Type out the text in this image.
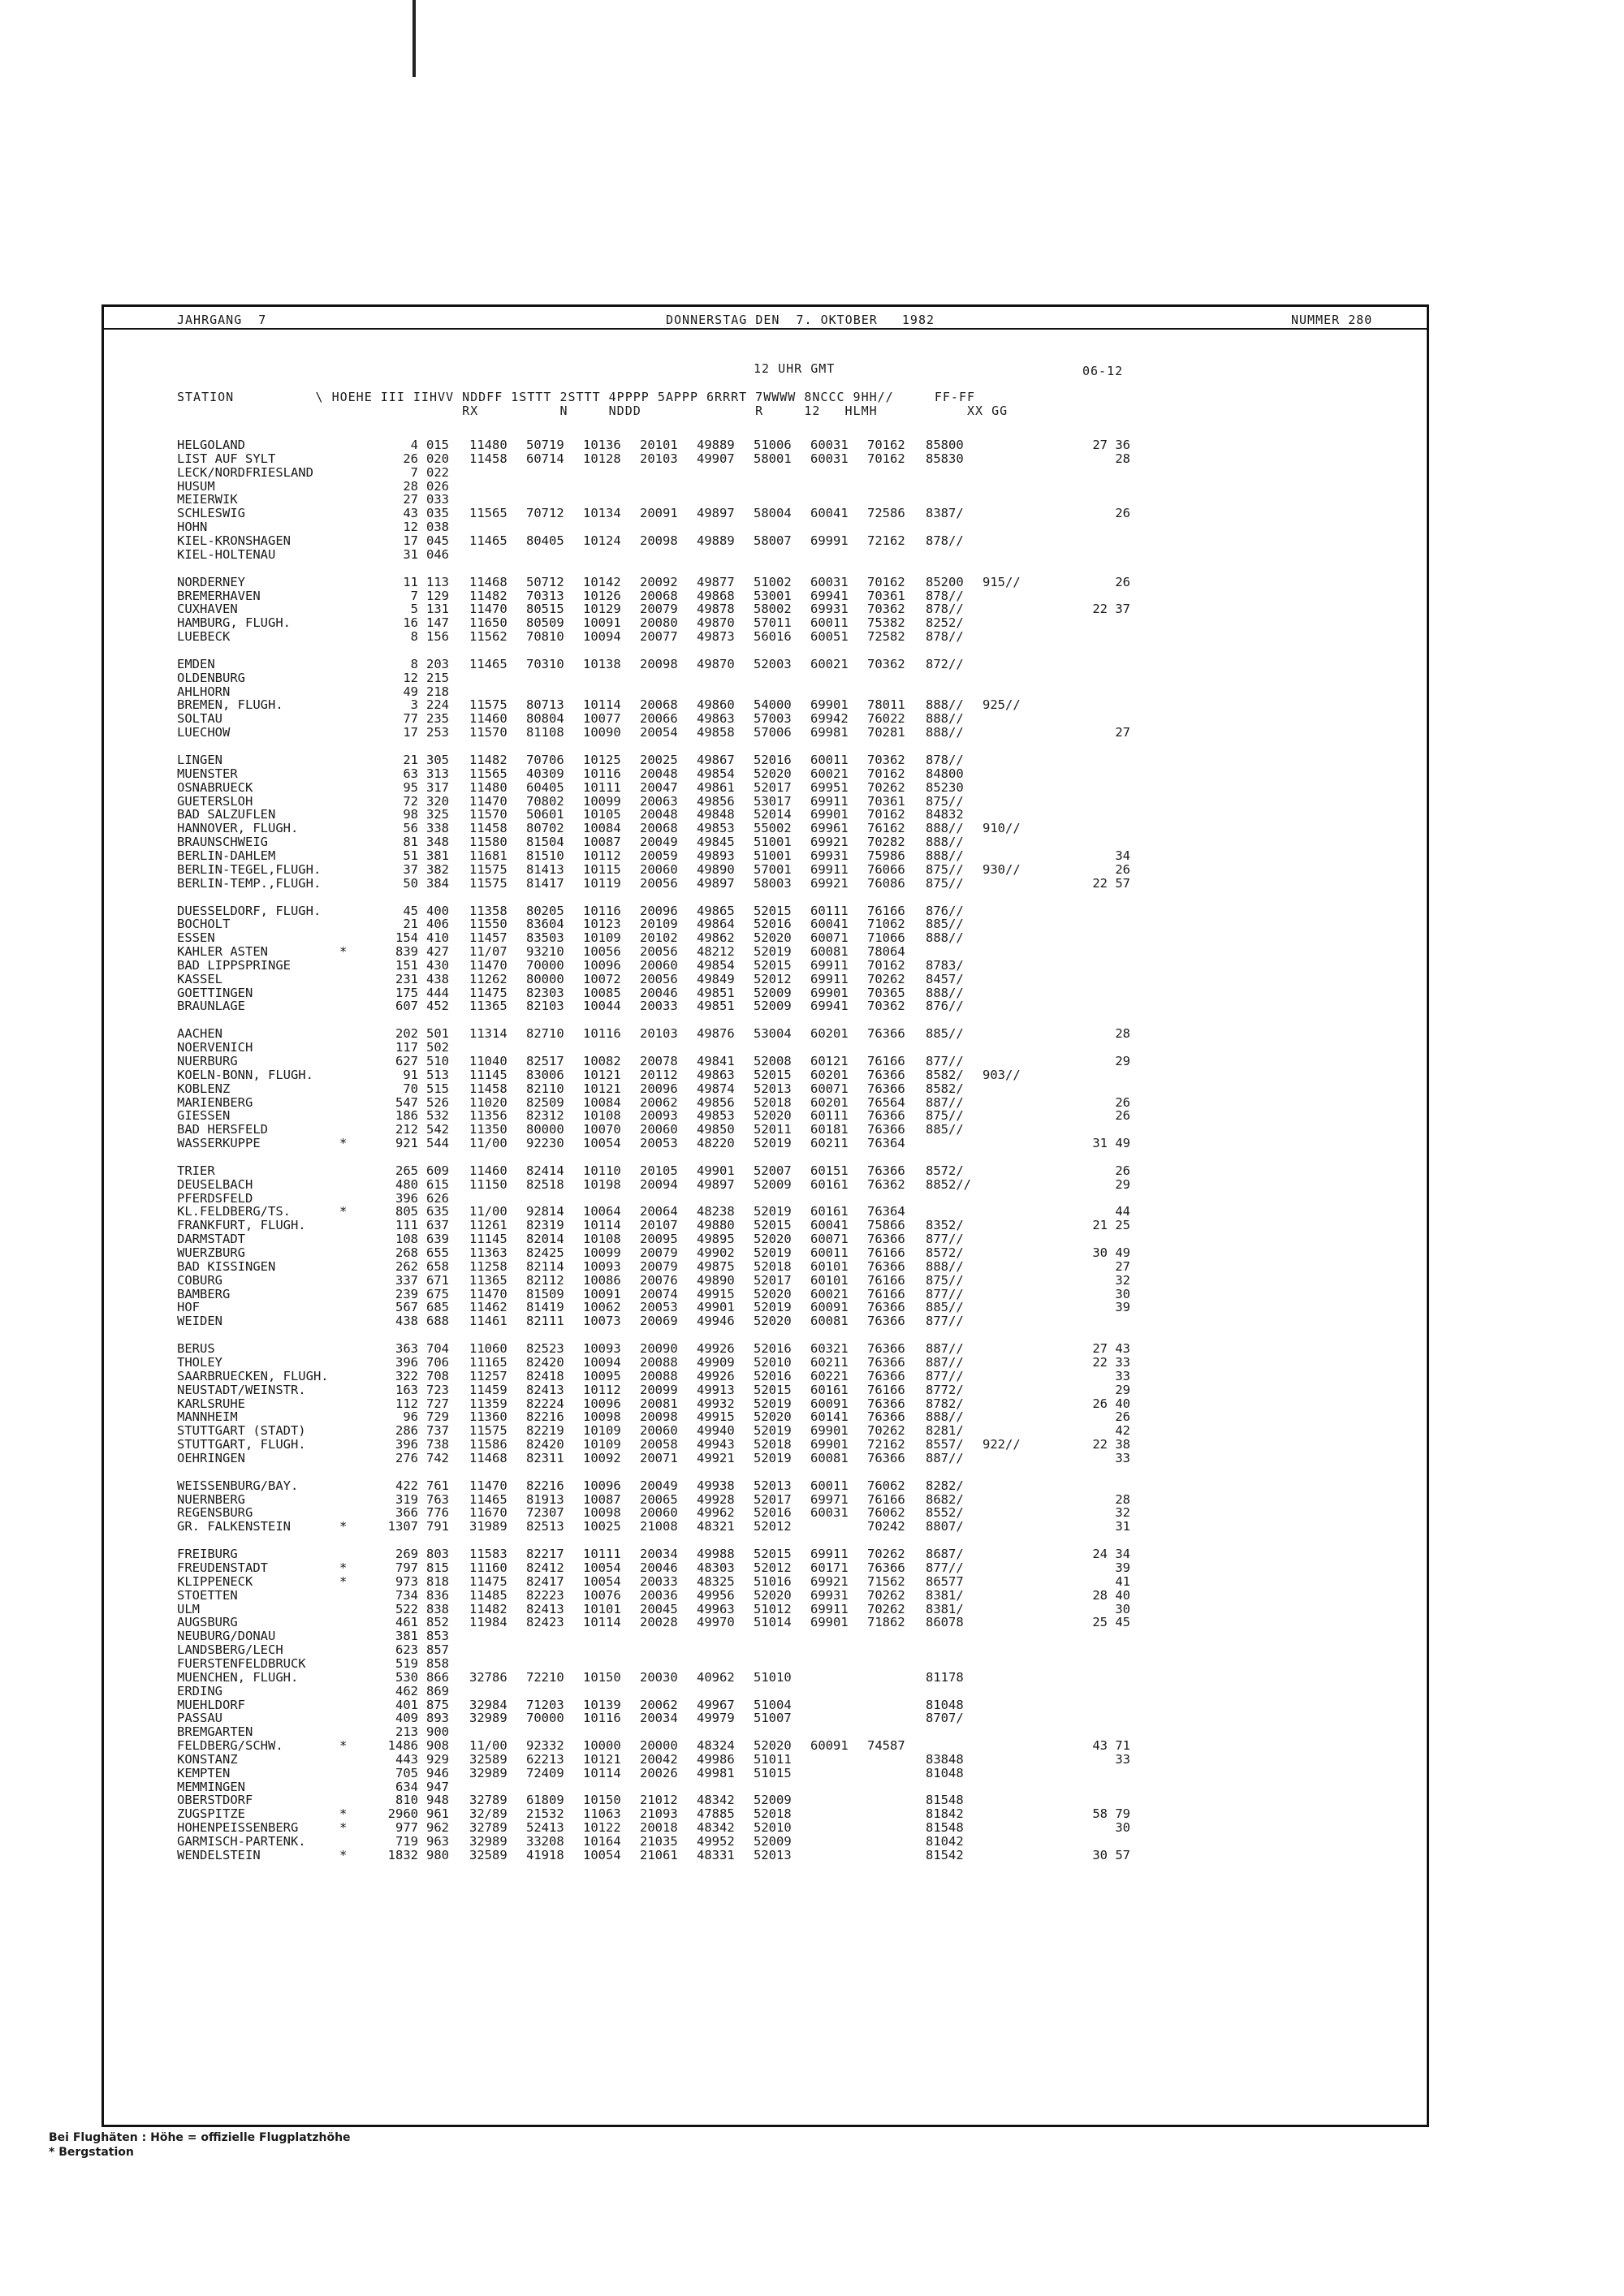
JAHRGANG  7	DONNERSTAG DEN  7. OKTOBER   1982	NUMMER 280
12 UHR GMT	06-12
STATION          \ HOEHE III IIHVV NDDFF 1STTT 2STTT 4PPPP 5APPP 6RRRT 7WWWW 8NCCC 9HH//     FF-FF
RX          N     NDDD              R     12   HLMH           XX GG
HELGOLAND	4 015 11480 50719 10136 20101 49889 51006 60031 70162 85800	27 36
LIST AUF SYLT	26 020 11458 60714 10128 20103 49907 58001 60031 70162 85830	28
LECK/NORDFRIESLAND	7 022
HUSUM	28 026
MEIERWIK	27 033
SCHLESWIG	43 035 11565 70712 10134 20091 49897 58004 60041 72586 8387/	26
HOHN	12 038
KIEL-KRONSHAGEN	17 045 11465 80405 10124 20098 49889 58007 69991 72162 878//
KIEL-HOLTENAU	31 046
NORDERNEY	11 113 11468 50712 10142 20092 49877 51002 60031 70162 85200 915//	26
BREMERHAVEN	7 129 11482 70313 10126 20068 49868 53001 69941 70361 878//
CUXHAVEN	5 131 11470 80515 10129 20079 49878 58002 69931 70362 878//	22 37
HAMBURG, FLUGH.	16 147 11650 80509 10091 20080 49870 57011 60011 75382 8252/
LUEBECK	8 156 11562 70810 10094 20077 49873 56016 60051 72582 878//
EMDEN	8 203 11465 70310 10138 20098 49870 52003 60021 70362 872//
OLDENBURG	12 215
AHLHORN	49 218
BREMEN, FLUGH.	3 224 11575 80713 10114 20068 49860 54000 69901 78011 888// 925//
SOLTAU	77 235 11460 80804 10077 20066 49863 57003 69942 76022 888//
LUECHOW	17 253 11570 81108 10090 20054 49858 57006 69981 70281 888//	27
LINGEN	21 305 11482 70706 10125 20025 49867 52016 60011 70362 878//
MUENSTER	63 313 11565 40309 10116 20048 49854 52020 60021 70162 84800
OSNABRUECK	95 317 11480 60405 10111 20047 49861 52017 69951 70262 85230
GUETERSLOH	72 320 11470 70802 10099 20063 49856 53017 69911 70361 875//
BAD SALZUFLEN	98 325 11570 50601 10105 20048 49848 52014 69901 70162 84832
HANNOVER, FLUGH.	56 338 11458 80702 10084 20068 49853 55002 69961 76162 888// 910//
BRAUNSCHWEIG	81 348 11580 81504 10087 20049 49845 51001 69921 70282 888//
BERLIN-DAHLEM	51 381 11681 81510 10112 20059 49893 51001 69931 75986 888//	34
BERLIN-TEGEL,FLUGH.	37 382 11575 81413 10115 20060 49890 57001 69911 76066 875// 930//	26
BERLIN-TEMP.,FLUGH.	50 384 11575 81417 10119 20056 49897 58003 69921 76086 875//	22 57
DUESSELDORF, FLUGH.	45 400 11358 80205 10116 20096 49865 52015 60111 76166 876//
BOCHOLT	21 406 11550 83604 10123 20109 49864 52016 60041 71062 885//
ESSEN	154 410 11457 83503 10109 20102 49862 52020 60071 71066 888//
KAHLER ASTEN	*	839 427 11/07 93210 10056 20056 48212 52019 60081 78064
BAD LIPPSPRINGE	151 430 11470 70000 10096 20060 49854 52015 69911 70162 8783/
KASSEL	231 438 11262 80000 10072 20056 49849 52012 69911 70262 8457/
GOETTINGEN	175 444 11475 82303 10085 20046 49851 52009 69901 70365 888//
BRAUNLAGE	607 452 11365 82103 10044 20033 49851 52009 69941 70362 876//
AACHEN	202 501 11314 82710 10116 20103 49876 53004 60201 76366 885//	28
NOERVENICH	117 502
NUERBURG	627 510 11040 82517 10082 20078 49841 52008 60121 76166 877//	29
KOELN-BONN, FLUGH.	91 513 11145 83006 10121 20112 49863 52015 60201 76366 8582/ 903//
KOBLENZ	70 515 11458 82110 10121 20096 49874 52013 60071 76366 8582/
MARIENBERG	547 526 11020 82509 10084 20062 49856 52018 60201 76564 887//	26
GIESSEN	186 532 11356 82312 10108 20093 49853 52020 60111 76366 875//	26
BAD HERSFELD	212 542 11350 80000 10070 20060 49850 52011 60181 76366 885//
WASSERKUPPE	*	921 544 11/00 92230 10054 20053 48220 52019 60211 76364	31 49
TRIER	265 609 11460 82414 10110 20105 49901 52007 60151 76366 8572/	26
DEUSELBACH	480 615 11150 82518 10198 20094 49897 52009 60161 76362 8852//	29
PFERDSFELD	396 626
KL.FELDBERG/TS.	*	805 635 11/00 92814 10064 20064 48238 52019 60161 76364	44
FRANKFURT, FLUGH.	111 637 11261 82319 10114 20107 49880 52015 60041 75866 8352/	21 25
DARMSTADT	108 639 11145 82014 10108 20095 49895 52020 60071 76366 877//
WUERZBURG	268 655 11363 82425 10099 20079 49902 52019 60011 76166 8572/	30 49
BAD KISSINGEN	262 658 11258 82114 10093 20079 49875 52018 60101 76366 888//	27
COBURG	337 671 11365 82112 10086 20076 49890 52017 60101 76166 875//	32
BAMBERG	239 675 11470 81509 10091 20074 49915 52020 60021 76166 877//	30
HOF	567 685 11462 81419 10062 20053 49901 52019 60091 76366 885//	39
WEIDEN	438 688 11461 82111 10073 20069 49946 52020 60081 76366 877//
BERUS	363 704 11060 82523 10093 20090 49926 52016 60321 76366 887//	27 43
THOLEY	396 706 11165 82420 10094 20088 49909 52010 60211 76366 887//	22 33
SAARBRUECKEN, FLUGH.	322 708 11257 82418 10095 20088 49926 52016 60221 76366 877//	33
NEUSTADT/WEINSTR.	163 723 11459 82413 10112 20099 49913 52015 60161 76166 8772/	29
KARLSRUHE	112 727 11359 82224 10096 20081 49932 52019 60091 76366 8782/	26 40
MANNHEIM	96 729 11360 82216 10098 20098 49915 52020 60141 76366 888//	26
STUTTGART (STADT)	286 737 11575 82219 10109 20060 49940 52019 69901 70262 8281/	42
STUTTGART, FLUGH.	396 738 11586 82420 10109 20058 49943 52018 69901 72162 8557/ 922//	22 38
OEHRINGEN	276 742 11468 82311 10092 20071 49921 52019 60081 76366 887//	33
WEISSENBURG/BAY.	422 761 11470 82216 10096 20049 49938 52013 60011 76062 8282/
NUERNBERG	319 763 11465 81913 10087 20065 49928 52017 69971 76166 8682/	28
REGENSBURG	366 776 11670 72307 10098 20060 49962 52016 60031 76062 8552/	32
GR. FALKENSTEIN	*	1307 791 31989 82513 10025 21008 48321 52012	70242 8807/	31
FREIBURG	269 803 11583 82217 10111 20034 49988 52015 69911 70262 8687/	24 34
FREUDENSTADT	*	797 815 11160 82412 10054 20046 48303 52012 60171 76366 877//	39
KLIPPENECK	*	973 818 11475 82417 10054 20033 48325 51016 69921 71562 86577	41
STOETTEN	734 836 11485 82223 10076 20036 49956 52020 69931 70262 8381/	28 40
ULM	522 838 11482 82413 10101 20045 49963 51012 69911 70262 8381/	30
AUGSBURG	461 852 11984 82423 10114 20028 49970 51014 69901 71862 86078	25 45
NEUBURG/DONAU	381 853
LANDSBERG/LECH	623 857
FUERSTENFELDBRUCK	519 858
MUENCHEN, FLUGH.	530 866 32786 72210 10150 20030 40962 51010	81178
ERDING	462 869
MUEHLDORF	401 875 32984 71203 10139 20062 49967 51004	81048
PASSAU	409 893 32989 70000 10116 20034 49979 51007	8707/
BREMGARTEN	213 900
FELDBERG/SCHW.	*	1486 908 11/00 92332 10000 20000 48324 52020 60091 74587	43 71
KONSTANZ	443 929 32589 62213 10121 20042 49986 51011	83848	33
KEMPTEN	705 946 32989 72409 10114 20026 49981 51015	81048
MEMMINGEN	634 947
OBERSTDORF	810 948 32789 61809 10150 21012 48342 52009	81548
ZUGSPITZE	*	2960 961 32/89 21532 11063 21093 47885 52018	81842	58 79
HOHENPEISSENBERG	*	977 962 32789 52413 10122 20018 48342 52010	81548	30
GARMISCH-PARTENK.	719 963 32989 33208 10164 21035 49952 52009	81042
WENDELSTEIN	*	1832 980 32589 41918 10054 21061 48331 52013	81542	30 57
Bei Flughäten : Höhe = offizielle Flugplatzhöhe
* Bergstation
